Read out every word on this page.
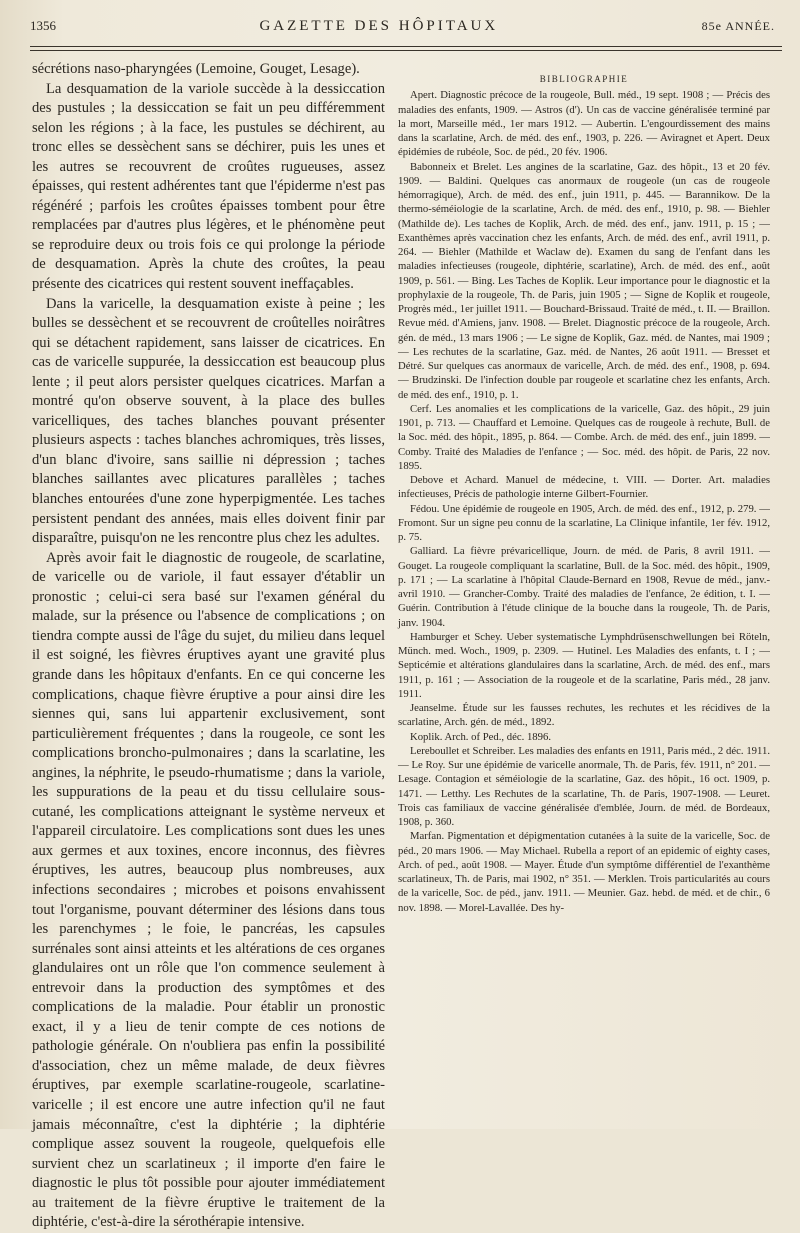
1356	GAZETTE DES HÔPITAUX	85e ANNÉE.

sécrétions naso-pharyngées (Lemoine, Gouget, Lesage).

La desquamation de la variole succède à la dessiccation des pustules ; la dessiccation se fait un peu différemment selon les régions ; à la face, les pustules se déchirent, au tronc elles se dessèchent sans se déchirer, puis les unes et les autres se recouvrent de croûtes rugueuses, assez épaisses, qui restent adhérentes tant que l'épiderme n'est pas régénéré ; parfois les croûtes épaisses tombent pour être remplacées par d'autres plus légères, et le phénomène peut se reproduire deux ou trois fois ce qui prolonge la période de desquamation. Après la chute des croûtes, la peau présente des cicatrices qui restent souvent ineffaçables.

Dans la varicelle, la desquamation existe à peine ; les bulles se dessèchent et se recouvrent de croûtelles noirâtres qui se détachent rapidement, sans laisser de cicatrices. En cas de varicelle suppurée, la dessiccation est beaucoup plus lente ; il peut alors persister quelques cicatrices. Marfan a montré qu'on observe souvent, à la place des bulles varicelliques, des taches blanches pouvant présenter plusieurs aspects : taches blanches achromiques, très lisses, d'un blanc d'ivoire, sans saillie ni dépression ; taches blanches saillantes avec plicatures parallèles ; taches blanches entourées d'une zone hyperpigmentée. Les taches persistent pendant des années, mais elles doivent finir par disparaître, puisqu'on ne les rencontre plus chez les adultes.

Après avoir fait le diagnostic de rougeole, de scarlatine, de varicelle ou de variole, il faut essayer d'établir un pronostic ; celui-ci sera basé sur l'examen général du malade, sur la présence ou l'absence de complications ; on tiendra compte aussi de l'âge du sujet, du milieu dans lequel il est soigné, les fièvres éruptives ayant une gravité plus grande dans les hôpitaux d'enfants. En ce qui concerne les complications, chaque fièvre éruptive a pour ainsi dire les siennes qui, sans lui appartenir exclusivement, sont particulièrement fréquentes ; dans la rougeole, ce sont les complications broncho-pulmonaires ; dans la scarlatine, les angines, la néphrite, le pseudo-rhumatisme ; dans la variole, les suppurations de la peau et du tissu cellulaire sous-cutané, les complications atteignant le système nerveux et l'appareil circulatoire. Les complications sont dues les unes aux germes et aux toxines, encore inconnus, des fièvres éruptives, les autres, beaucoup plus nombreuses, aux infections secondaires ; microbes et poisons envahissent tout l'organisme, pouvant déterminer des lésions dans tous les parenchymes ; le foie, le pancréas, les capsules surrénales sont ainsi atteints et les altérations de ces organes glandulaires ont un rôle que l'on commence seulement à entrevoir dans la production des symptômes et des complications de la maladie. Pour établir un pronostic exact, il y a lieu de tenir compte de ces notions de pathologie générale. On n'oubliera pas enfin la possibilité d'association, chez un même malade, de deux fièvres éruptives, par exemple scarlatine-rougeole, scarlatine-varicelle ; il est encore une autre infection qu'il ne faut jamais méconnaître, c'est la diphtérie ; la diphtérie complique assez souvent la rougeole, quelquefois elle survient chez un scarlatineux ; il importe d'en faire le diagnostic le plus tôt possible pour ajouter immédiatement au traitement de la fièvre éruptive le traitement de la diphtérie, c'est-à-dire la sérothérapie intensive.

BIBLIOGRAPHIE

Apert. Diagnostic précoce de la rougeole, Bull. méd., 19 sept. 1908 ; — Précis des maladies des enfants, 1909. — Astros (d'). Un cas de vaccine généralisée terminé par la mort, Marseille méd., 1er mars 1912. — Aubertin. L'engourdissement des mains dans la scarlatine, Arch. de méd. des enf., 1903, p. 226. — Aviragnet et Apert. Deux épidémies de rubéole, Soc. de péd., 20 fév. 1906.

Babonneix et Brelet. Les angines de la scarlatine, Gaz. des hôpit., 13 et 20 fév. 1909. — Baldini. Quelques cas anormaux de rougeole (un cas de rougeole hémorragique), Arch. de méd. des enf., juin 1911, p. 445. — Barannikow. De la thermo-séméiologie de la scarlatine, Arch. de méd. des enf., 1910, p. 98. — Biehler (Mathilde de). Les taches de Koplik, Arch. de méd. des enf., janv. 1911, p. 15 ; — Exanthèmes après vaccination chez les enfants, Arch. de méd. des enf., avril 1911, p. 264. — Biehler (Mathilde et Waclaw de). Examen du sang de l'enfant dans les maladies infectieuses (rougeole, diphtérie, scarlatine), Arch. de méd. des enf., août 1909, p. 561. — Bing. Les Taches de Koplik. Leur importance pour le diagnostic et la prophylaxie de la rougeole, Th. de Paris, juin 1905 ; — Signe de Koplik et rougeole, Progrès méd., 1er juillet 1911. — Bouchard-Brissaud. Traité de méd., t. II. — Braillon. Revue méd. d'Amiens, janv. 1908. — Brelet. Diagnostic précoce de la rougeole, Arch. gén. de méd., 13 mars 1906 ; — Le signe de Koplik, Gaz. méd. de Nantes, mai 1909 ; — Les rechutes de la scarlatine, Gaz. méd. de Nantes, 26 août 1911. — Bresset et Détré. Sur quelques cas anormaux de varicelle, Arch. de méd. des enf., 1908, p. 694. — Brudzinski. De l'infection double par rougeole et scarlatine chez les enfants, Arch. de méd. des enf., 1910, p. 1.

Cerf. Les anomalies et les complications de la varicelle, Gaz. des hôpit., 29 juin 1901, p. 713. — Chauffard et Lemoine. Quelques cas de rougeole à rechute, Bull. de la Soc. méd. des hôpit., 1895, p. 864. — Combe. Arch. de méd. des enf., juin 1899. — Comby. Traité des Maladies de l'enfance ; — Soc. méd. des hôpit. de Paris, 22 nov. 1895.

Debove et Achard. Manuel de médecine, t. VIII. — Dorter. Art. maladies infectieuses, Précis de pathologie interne Gilbert-Fournier.

Fédou. Une épidémie de rougeole en 1905, Arch. de méd. des enf., 1912, p. 279. — Fromont. Sur un signe peu connu de la scarlatine, La Clinique infantile, 1er fév. 1912, p. 75.

Galliard. La fièvre prévaricellique, Journ. de méd. de Paris, 8 avril 1911. — Gouget. La rougeole compliquant la scarlatine, Bull. de la Soc. méd. des hôpit., 1909, p. 171 ; — La scarlatine à l'hôpital Claude-Bernard en 1908, Revue de méd., janv.-avril 1910. — Grancher-Comby. Traité des maladies de l'enfance, 2e édition, t. I. — Guérin. Contribution à l'étude clinique de la bouche dans la rougeole, Th. de Paris, janv. 1904.

Hamburger et Schey. Ueber systematische Lymphdrüsenschwellungen bei Röteln, Münch. med. Woch., 1909, p. 2309. — Hutinel. Les Maladies des enfants, t. I ; — Septicémie et altérations glandulaires dans la scarlatine, Arch. de méd. des enf., mars 1911, p. 161 ; — Association de la rougeole et de la scarlatine, Paris méd., 28 janv. 1911.

Jeanselme. Étude sur les fausses rechutes, les rechutes et les récidives de la scarlatine, Arch. gén. de méd., 1892.

Koplik. Arch. of Ped., déc. 1896.

Lereboullet et Schreiber. Les maladies des enfants en 1911, Paris méd., 2 déc. 1911. — Le Roy. Sur une épidémie de varicelle anormale, Th. de Paris, fév. 1911, n° 201. — Lesage. Contagion et séméiologie de la scarlatine, Gaz. des hôpit., 16 oct. 1909, p. 1471. — Letthy. Les Rechutes de la scarlatine, Th. de Paris, 1907-1908. — Leuret. Trois cas familiaux de vaccine généralisée d'emblée, Journ. de méd. de Bordeaux, 1908, p. 360.

Marfan. Pigmentation et dépigmentation cutanées à la suite de la varicelle, Soc. de péd., 20 mars 1906. — May Michael. Rubella a report of an epidemic of eighty cases, Arch. of ped., août 1908. — Mayer. Étude d'un symptôme différentiel de l'exanthème scarlatineux, Th. de Paris, mai 1902, n° 351. — Merklen. Trois particularités au cours de la varicelle, Soc. de péd., janv. 1911. — Meunier. Gaz. hebd. de méd. et de chir., 6 nov. 1898. — Morel-Lavallée. Des hy-
